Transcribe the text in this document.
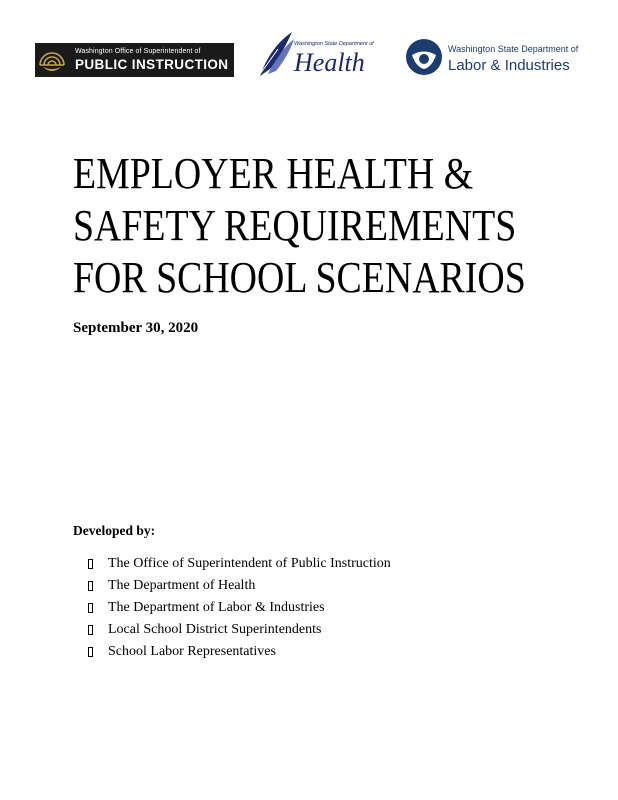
Washington Office of Superintendent of
PUBLIC INSTRUCTION
Washington State Department of
Health	Washington State Department of
Labor & Industries
EMPLOYER HEALTH &
SAFETY REQUIREMENTS
FOR SCHOOL SCENARIOS
September 30, 2020
Developed by:
The Office of Superintendent of Public Instruction
The Department of Health
The Department of Labor & Industries
Local School District Superintendents
School Labor Representatives
